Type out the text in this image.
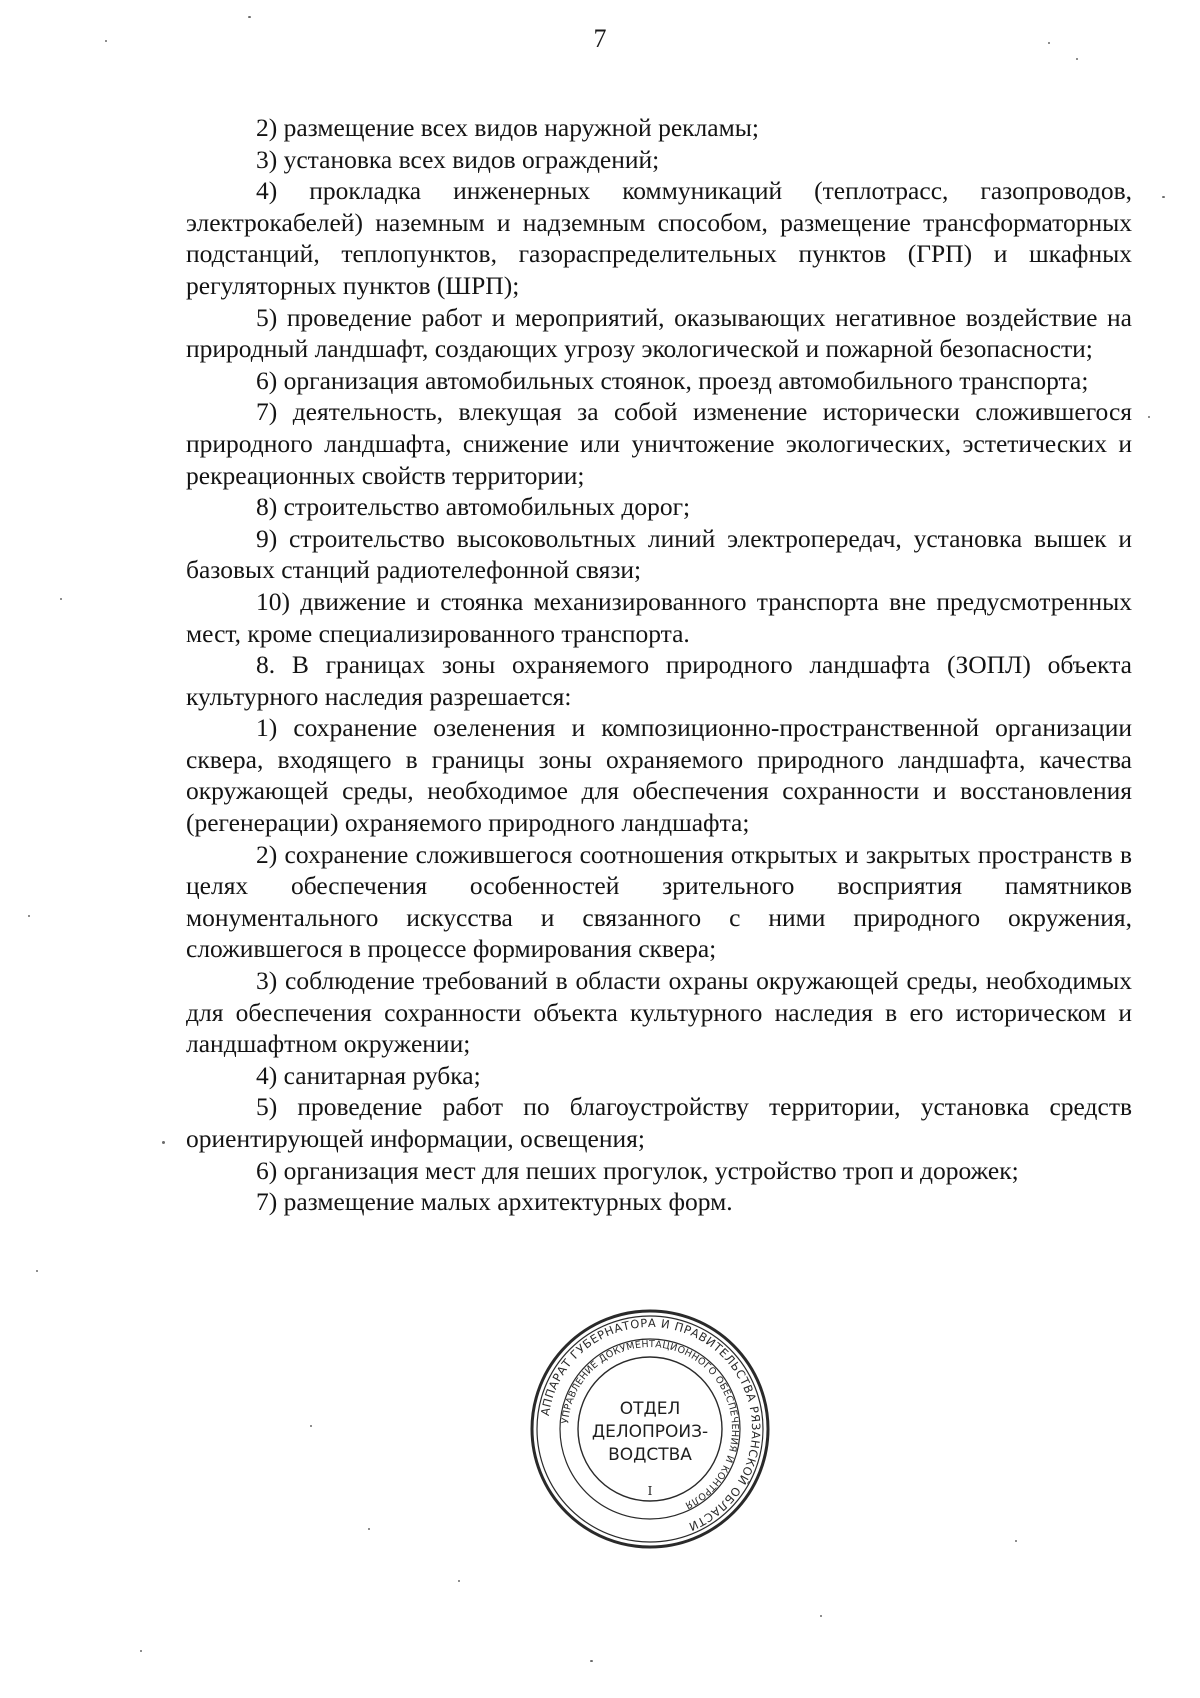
7

2) размещение всех видов наружной рекламы;

3) установка всех видов ограждений;

4) прокладка инженерных коммуникаций (теплотрасс, газопроводов, электрокабелей) наземным и надземным способом, размещение трансформаторных подстанций, теплопунктов, газораспределительных пунктов (ГРП) и шкафных регуляторных пунктов (ШРП);

5) проведение работ и мероприятий, оказывающих негативное воздействие на природный ландшафт, создающих угрозу экологической и пожарной безопасности;

6) организация автомобильных стоянок, проезд автомобильного транспорта;

7) деятельность, влекущая за собой изменение исторически сложившегося природного ландшафта, снижение или уничтожение экологических, эстетических и рекреационных свойств территории;

8) строительство автомобильных дорог;

9) строительство высоковольтных линий электропередач, установка вышек и базовых станций радиотелефонной связи;

10) движение и стоянка механизированного транспорта вне предусмотренных мест, кроме специализированного транспорта.

8. В границах зоны охраняемого природного ландшафта (ЗОПЛ) объекта культурного наследия разрешается:

1) сохранение озеленения и композиционно-пространственной организации сквера, входящего в границы зоны охраняемого природного ландшафта, качества окружающей среды, необходимое для обеспечения сохранности и восстановления (регенерации) охраняемого природного ландшафта;

2) сохранение сложившегося соотношения открытых и закрытых пространств в целях обеспечения особенностей зрительного восприятия памятников монументального искусства и связанного с ними природного окружения, сложившегося в процессе формирования сквера;

3) соблюдение требований в области охраны окружающей среды, необходимых для обеспечения сохранности объекта культурного наследия в его историческом и ландшафтном окружении;

4) санитарная рубка;

5) проведение работ по благоустройству территории, установка средств ориентирующей информации, освещения;

6) организация мест для пеших прогулок, устройство троп и дорожек;

7) размещение малых архитектурных форм.

АППАРАТ ГУБЕРНАТОРА И ПРАВИТЕЛЬСТВА РЯЗАНСКОЙ ОБЛАСТИ
УПРАВЛЕНИЕ ДОКУМЕНТАЦИОННОГО ОБЕСПЕЧЕНИЯ И КОНТРОЛЯ
ОТДЕЛ
ДЕЛОПРОИЗ-
ВОДСТВА
I
